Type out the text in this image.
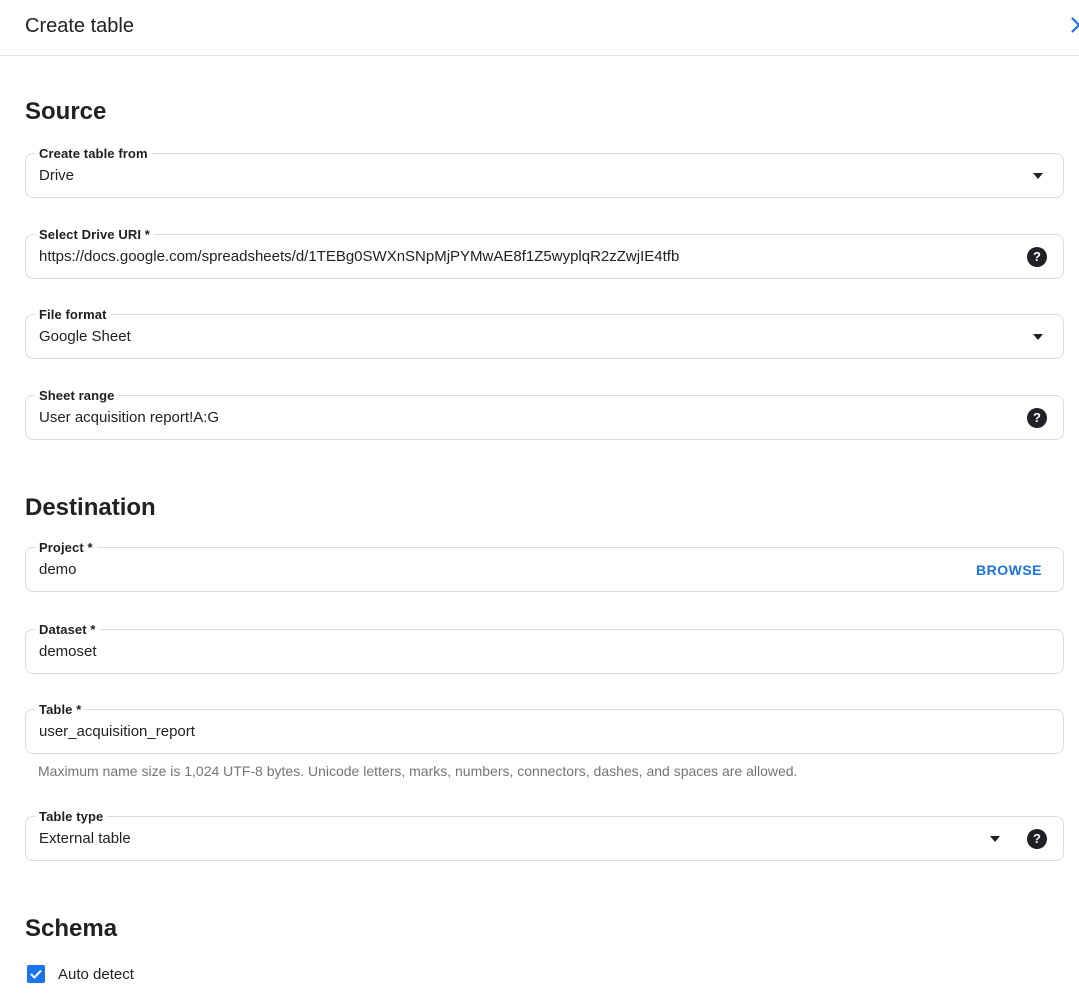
Create table
Source
Create table from
Drive
Select Drive URI *
https://docs.google.com/spreadsheets/d/1TEBg0SWXnSNpMjPYMwAE8f1Z5wyplqR2zZwjIE4tfb	?
File format
Google Sheet
Sheet range
User acquisition report!A:G	?
Destination
Project *
demo	BROWSE
Dataset *
demoset
Table *
user_acquisition_report
Maximum name size is 1,024 UTF-8 bytes. Unicode letters, marks, numbers, connectors, dashes, and spaces are allowed.
Table type
External table	?
Schema
Auto detect
